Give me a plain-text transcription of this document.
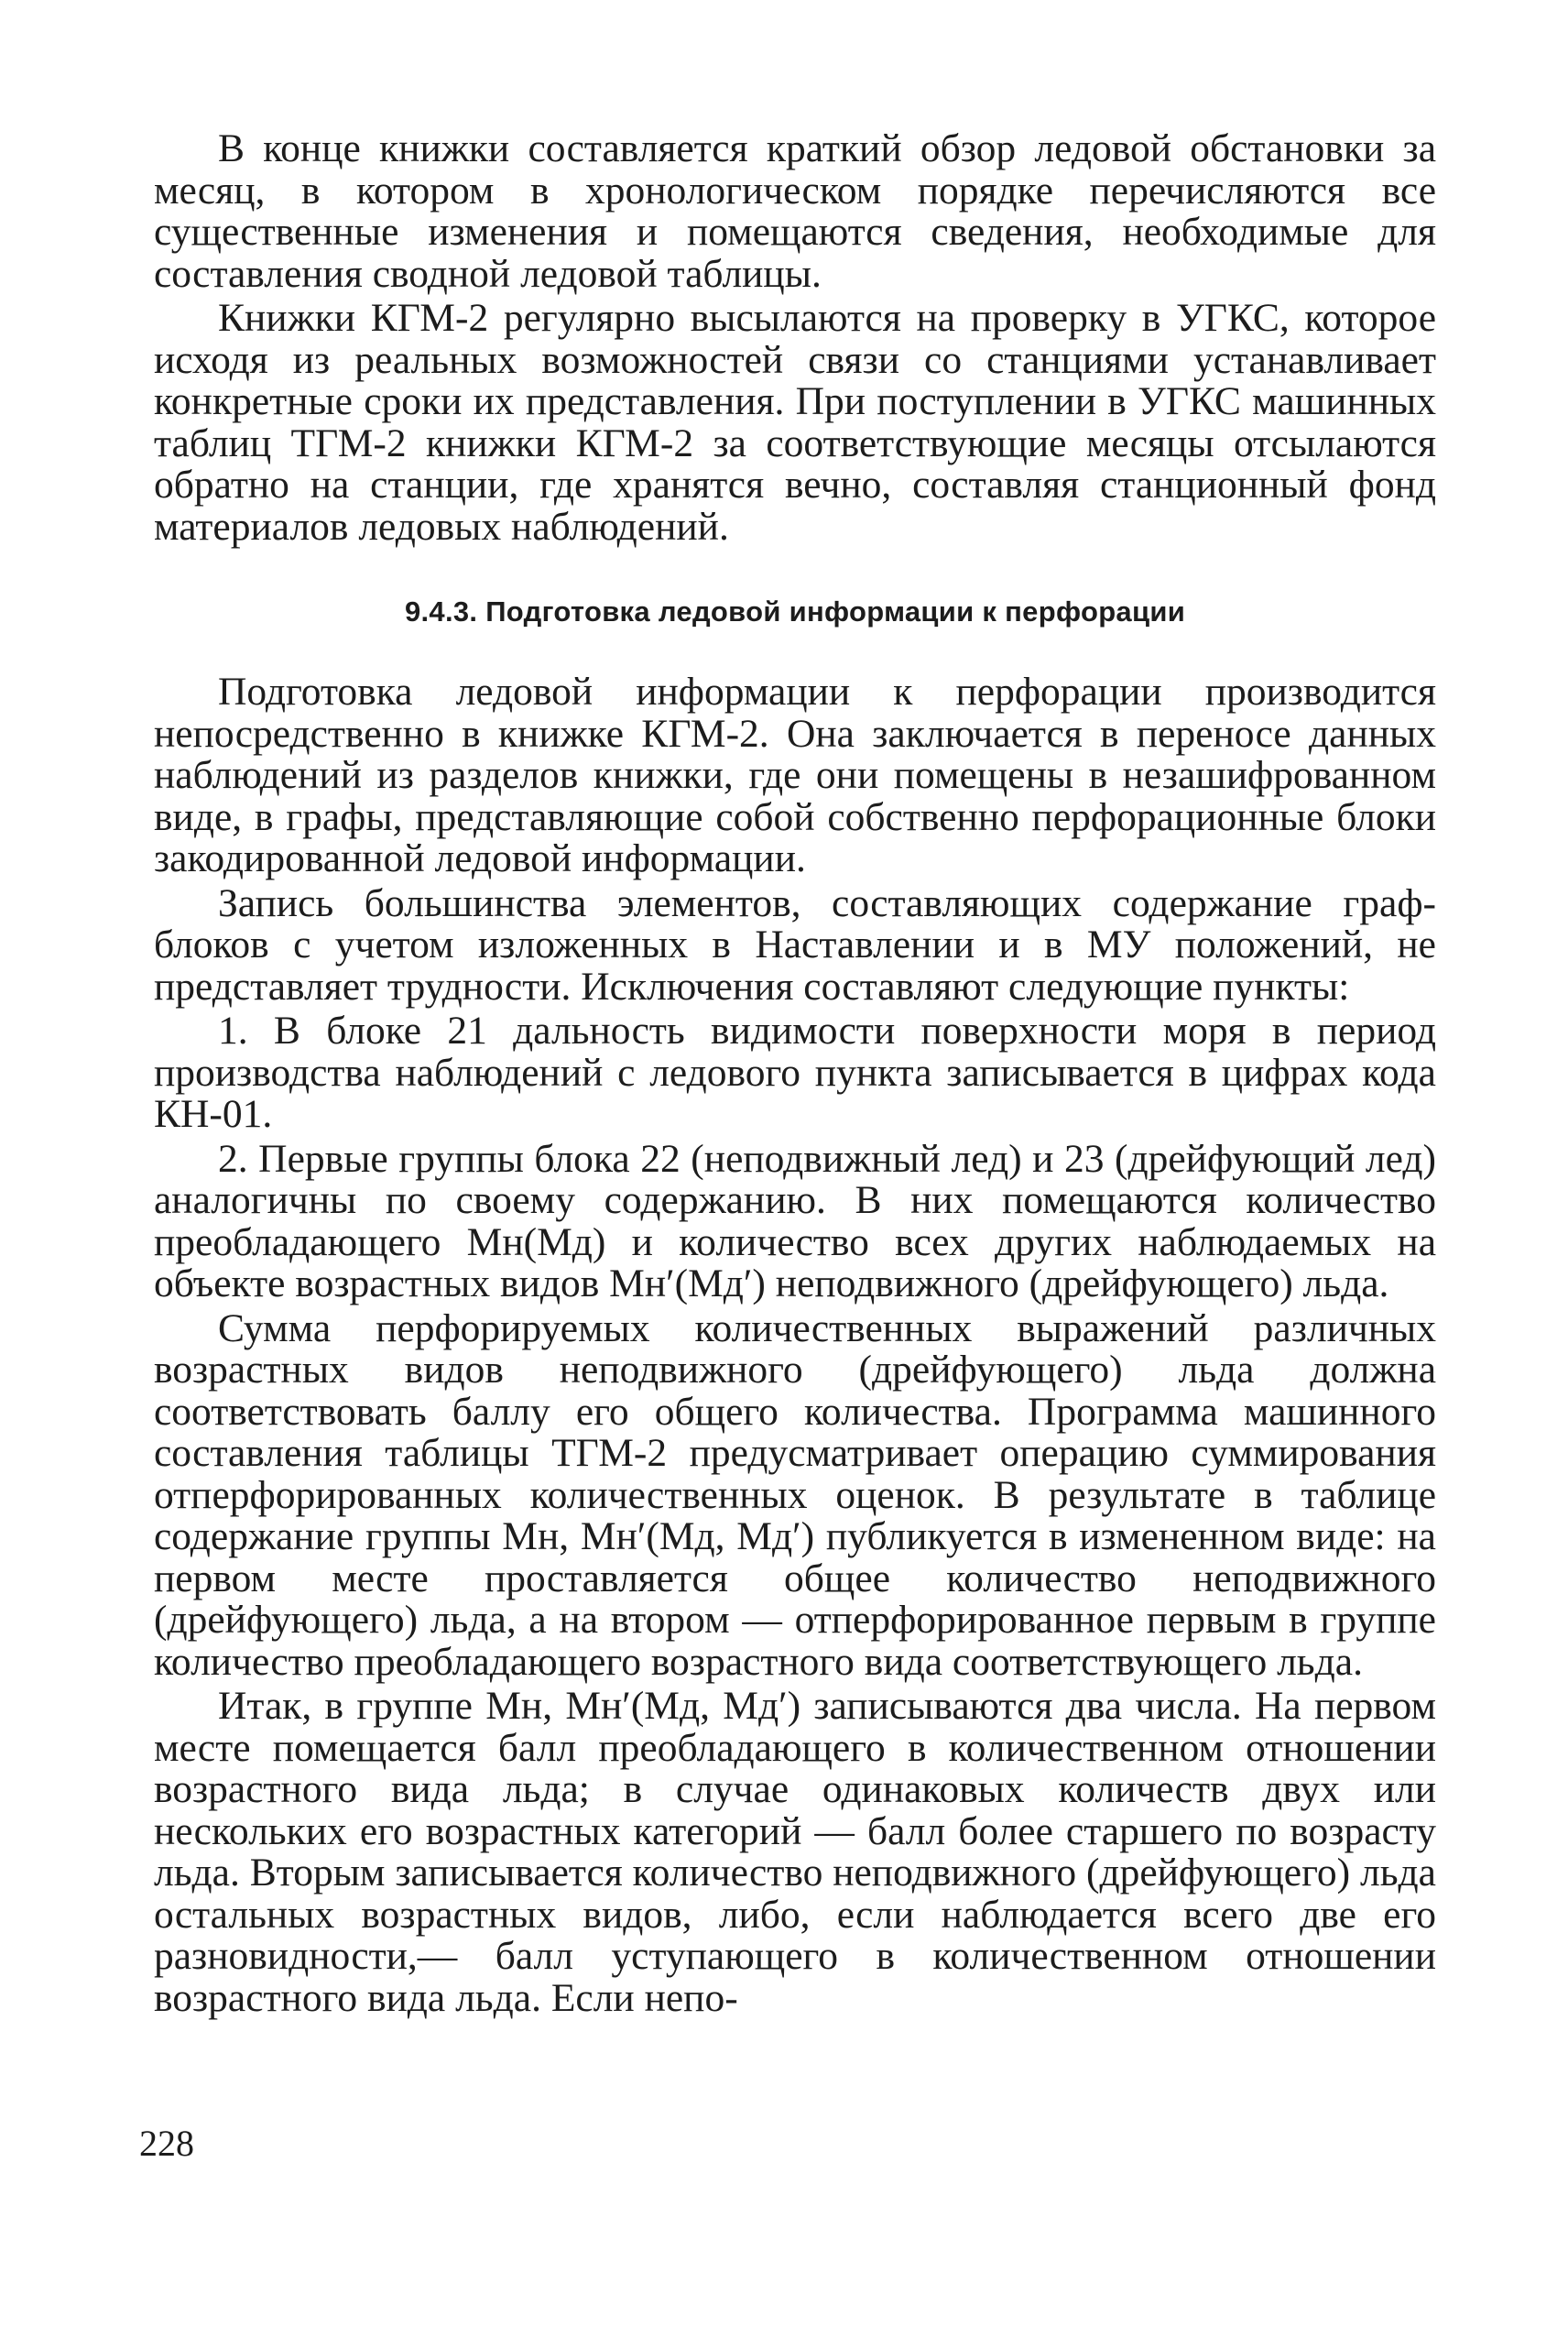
В конце книжки составляется краткий обзор ледовой обстановки за месяц, в котором в хронологическом порядке перечисляются все существенные изменения и помещаются сведения, необходимые для составления сводной ледовой таблицы.

Книжки КГМ-2 регулярно высылаются на проверку в УГКС, которое исходя из реальных возможностей связи со станциями устанавливает конкретные сроки их представления. При поступлении в УГКС машинных таблиц ТГМ-2 книжки КГМ-2 за соответствующие месяцы отсылаются обратно на станции, где хранятся вечно, составляя станционный фонд материалов ледовых наблюдений.

9.4.3. Подготовка ледовой информации к перфорации

Подготовка ледовой информации к перфорации производится непосредственно в книжке КГМ-2. Она заключается в переносе данных наблюдений из разделов книжки, где они помещены в незашифрованном виде, в графы, представляющие собой собственно перфорационные блоки закодированной ледовой информации.

Запись большинства элементов, составляющих содержание граф-блоков с учетом изложенных в Наставлении и в МУ положений, не представляет трудности. Исключения составляют следующие пункты:

1. В блоке 21 дальность видимости поверхности моря в период производства наблюдений с ледового пункта записывается в цифрах кода КН-01.

2. Первые группы блока 22 (неподвижный лед) и 23 (дрейфующий лед) аналогичны по своему содержанию. В них помещаются количество преобладающего Мн(Мд) и количество всех других наблюдаемых на объекте возрастных видов Мн′(Мд′) неподвижного (дрейфующего) льда.

Сумма перфорируемых количественных выражений различных возрастных видов неподвижного (дрейфующего) льда должна соответствовать баллу его общего количества. Программа машинного составления таблицы ТГМ-2 предусматривает операцию суммирования отперфорированных количественных оценок. В результате в таблице содержание группы Мн, Мн′(Мд, Мд′) публикуется в измененном виде: на первом месте проставляется общее количество неподвижного (дрейфующего) льда, а на втором — отперфорированное первым в группе количество преобладающего возрастного вида соответствующего льда.

Итак, в группе Мн, Мн′(Мд, Мд′) записываются два числа. На первом месте помещается балл преобладающего в количественном отношении возрастного вида льда; в случае одинаковых количеств двух или нескольких его возрастных категорий — балл более старшего по возрасту льда. Вторым записывается количество неподвижного (дрейфующего) льда остальных возрастных видов, либо, если наблюдается всего две его разновидности,— балл уступающего в количественном отношении возрастного вида льда. Если непо-

228
